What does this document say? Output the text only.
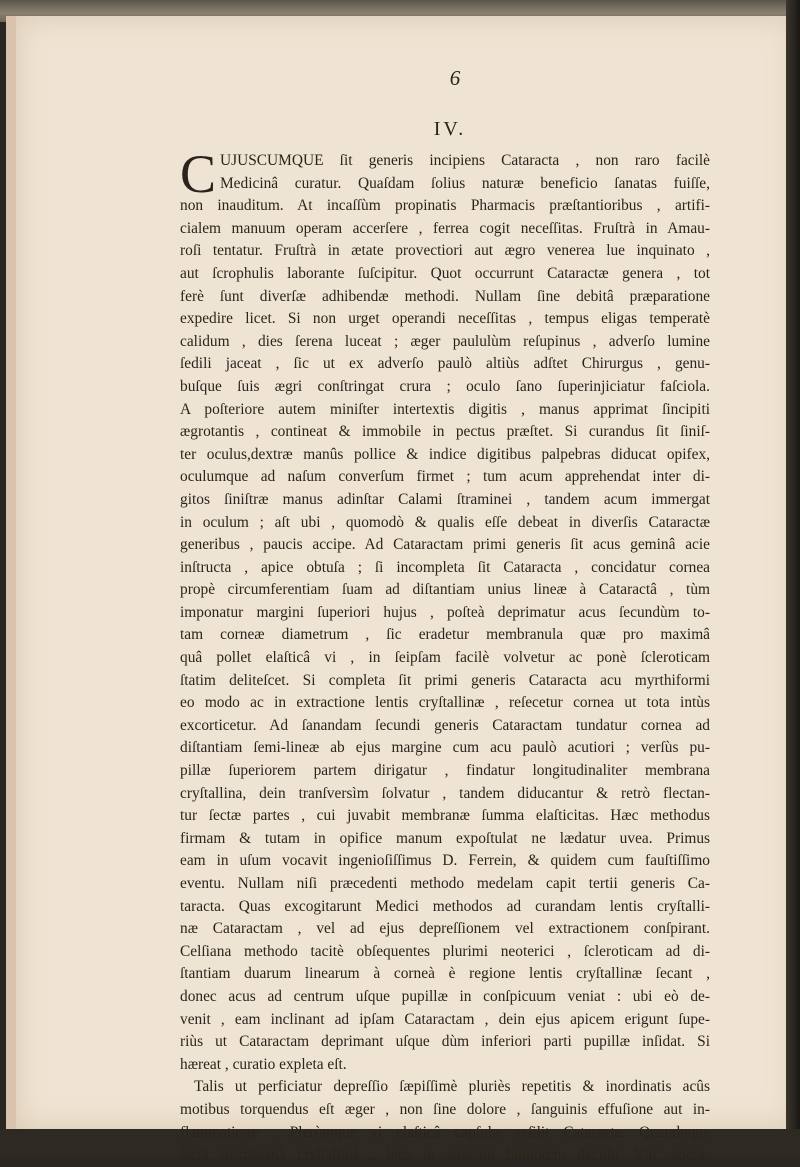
6
IV.
C UJUSCUMQUE ſit generis incipiens Cataracta , non raro facilè
Medicinâ curatur. Quaſdam ſolius naturæ beneficio ſanatas fuiſſe,
non inauditum. At incaſſùm propinatis Pharmacis præſtantioribus , artifi-
cialem manuum operam accerſere , ferrea cogit neceſſitas. Fruſtrà in Amau-
roſi tentatur. Fruſtrà in ætate provectiori aut ægro venerea lue inquinato ,
aut ſcrophulis laborante ſuſcipitur. Quot occurrunt Cataractæ genera , tot
ferè ſunt diverſæ adhibendæ methodi. Nullam ſine debitâ præparatione
expedire licet. Si non urget operandi neceſſitas , tempus eligas temperatè
calidum , dies ſerena luceat ; æger paululùm reſupinus , adverſo lumine
ſedili jaceat , ſic ut ex adverſo paulò altiùs adſtet Chirurgus , genu-
buſque ſuis ægri conſtringat crura ; oculo ſano ſuperinjiciatur faſciola.
A poſteriore autem miniſter intertextis digitis , manus apprimat ſincipiti
ægrotantis , contineat & immobile in pectus præſtet. Si curandus ſit ſiniſ-
ter oculus,dextræ manûs pollice & indice digitibus palpebras diducat opifex,
oculumque ad naſum converſum firmet ; tum acum apprehendat inter di-
gitos ſiniſtræ manus adinſtar Calami ſtraminei , tandem acum immergat
in oculum ; aſt ubi , quomodò & qualis eſſe debeat in diverſis Cataractæ
generibus , paucis accipe. Ad Cataractam primi generis ſit acus geminâ acie
inſtructa , apice obtuſa ; ſi incompleta ſit Cataracta , concidatur cornea
propè circumferentiam ſuam ad diſtantiam unius lineæ à Cataractâ , tùm
imponatur margini ſuperiori hujus , poſteà deprimatur acus ſecundùm to-
tam corneæ diametrum , ſic eradetur membranula quæ pro maximâ
quâ pollet elaſticâ vi , in ſeipſam facilè volvetur ac ponè ſcleroticam
ſtatim deliteſcet. Si completa ſit primi generis Cataracta acu myrthiformi
eo modo ac in extractione lentis cryſtallinæ , reſecetur cornea ut tota intùs
excorticetur. Ad ſanandam ſecundi generis Cataractam tundatur cornea ad
diſtantiam ſemi-lineæ ab ejus margine cum acu paulò acutiori ; verſùs pu-
pillæ ſuperiorem partem dirigatur , findatur longitudinaliter membrana
cryſtallina, dein tranſversìm ſolvatur , tandem diducantur & retrò flectan-
tur ſectæ partes , cui juvabit membranæ ſumma elaſticitas. Hæc methodus
firmam & tutam in opifice manum expoſtulat ne lædatur uvea. Primus
eam in uſum vocavit ingenioſiſſimus D. Ferrein, & quidem cum fauſtiſſimo
eventu. Nullam niſi præcedenti methodo medelam capit tertii generis Ca-
taracta. Quas excogitarunt Medici methodos ad curandam lentis cryſtalli-
næ Cataractam , vel ad ejus depreſſionem vel extractionem conſpirant.
Celſiana methodo tacitè obſequentes plurimi neoterici , ſcleroticam ad di-
ſtantiam duarum linearum à corneà è regione lentis cryſtallinæ ſecant ,
donec acus ad centrum uſque pupillæ in conſpicuum veniat : ubi eò de-
venit , eam inclinant ad ipſam Cataractam , dein ejus apicem erigunt ſupe-
riùs ut Cataractam deprimant uſque dùm inferiori parti pupillæ inſidat. Si
hæreat , curatio expleta eſt.
Talis ut perficiatur depreſſio ſæpiſſimè pluriès repetitis & inordinatis acûs
motibus torquendus eſt æger , non ſine dolore , ſanguinis effuſione aut in-
flammatione : Plerùmque vi elaſticâ capſulæ reſilit Cataracta. Quandoque
ſectâ membranâ cryſtallinâ , lens in aqueum humorem decidit. Vin' opera-
